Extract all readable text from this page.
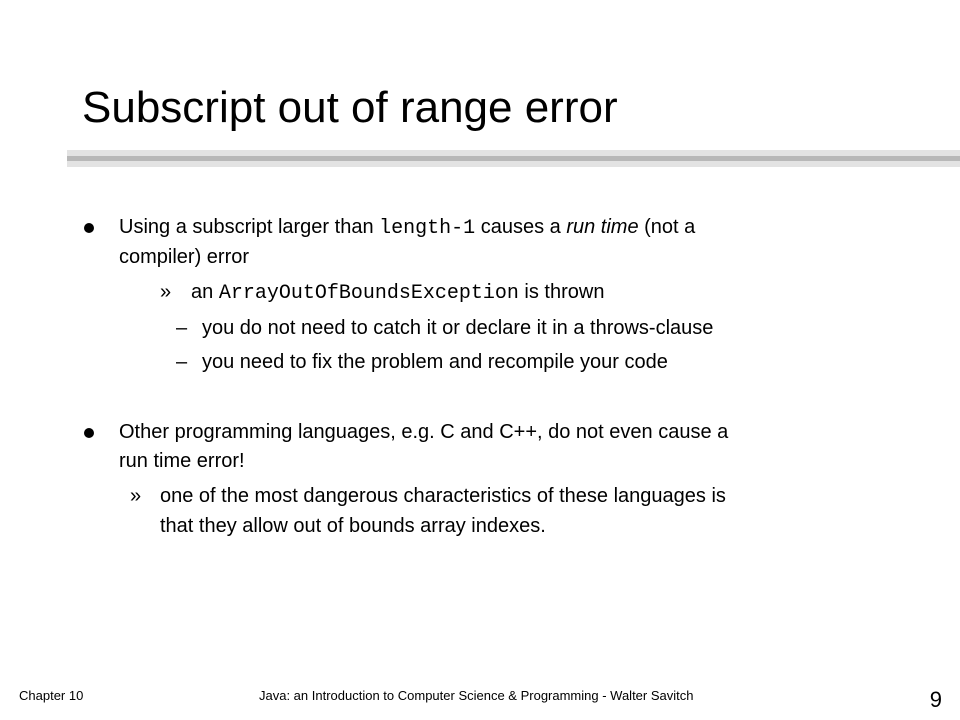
Subscript out of range error
Using a subscript larger than length-1 causes a run time (not a
compiler) error
» an ArrayOutOfBoundsException is thrown
– you do not need to catch it or declare it in a throws-clause
– you need to fix the problem and recompile your code
Other programming languages, e.g. C and C++, do not even cause a
run time error!
» one of the most dangerous characteristics of these languages is
that they allow out of bounds array indexes.
Chapter 10	Java: an Introduction to Computer Science & Programming - Walter Savitch	9
